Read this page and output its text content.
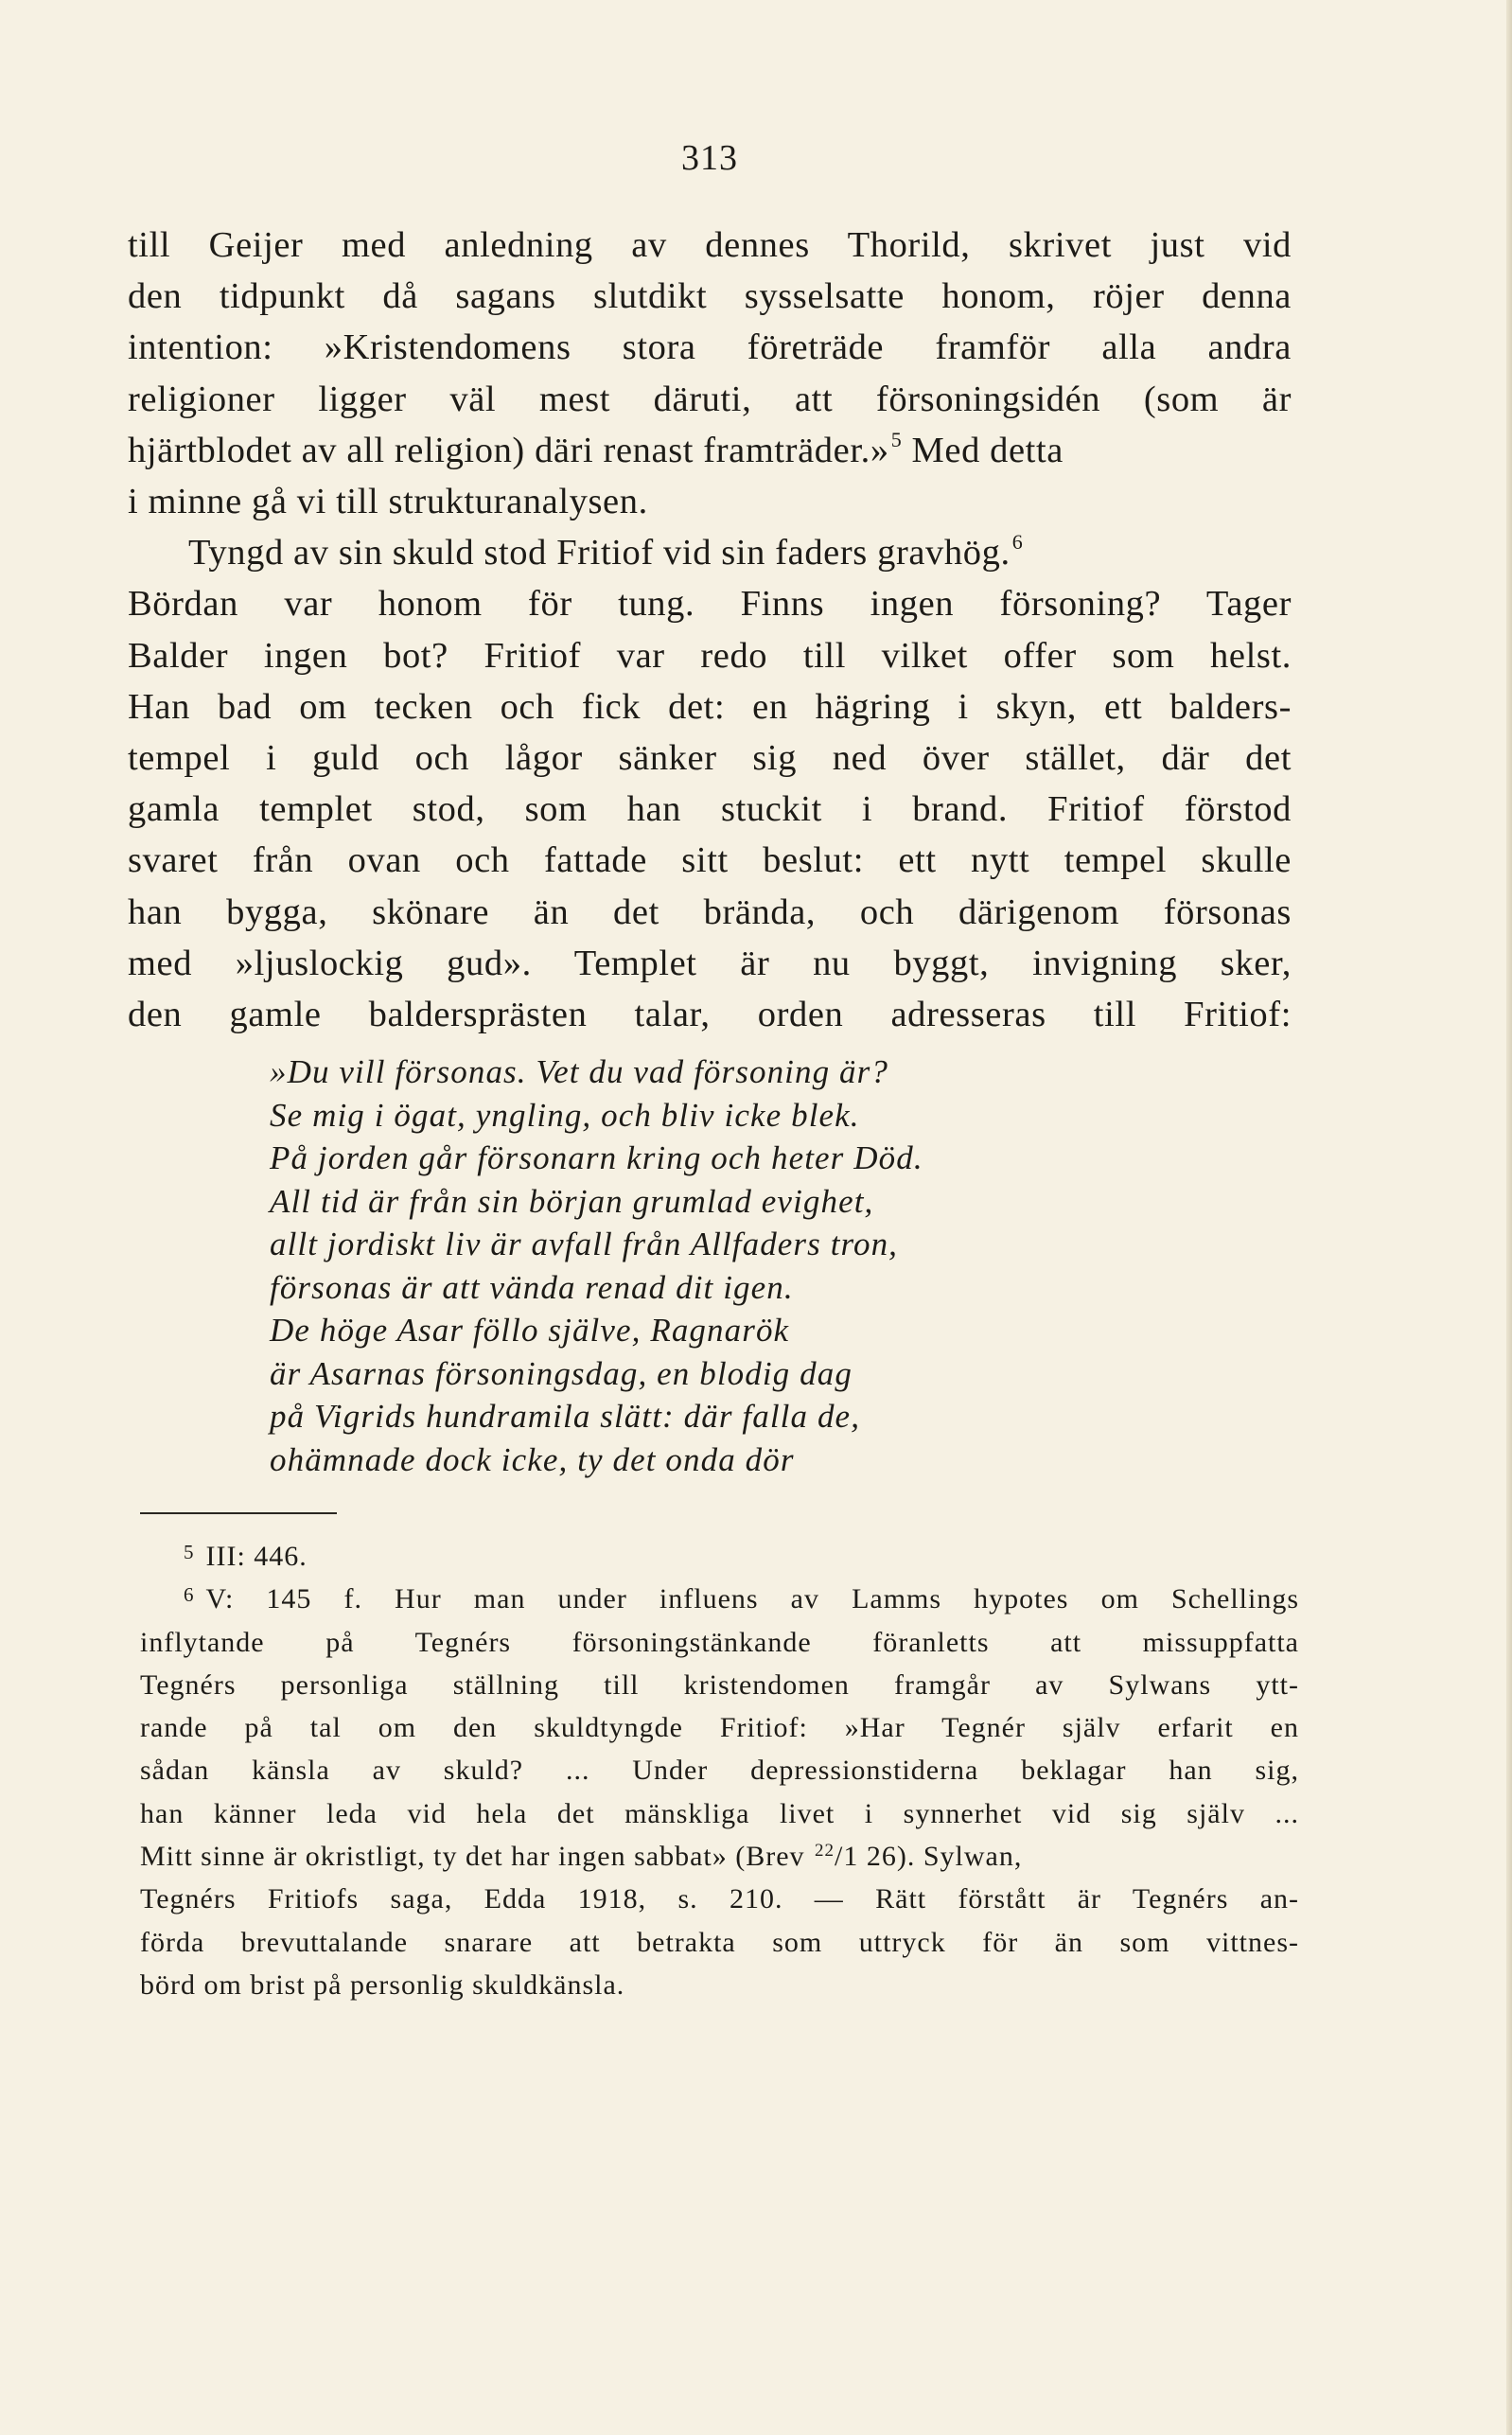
313
till Geijer med anledning av dennes Thorild, skrivet just vid
den tidpunkt då sagans slutdikt sysselsatte honom, röjer denna
intention: »Kristendomens stora företräde framför alla andra
religioner ligger väl mest däruti, att försoningsidén (som är
hjärtblodet av all religion) däri renast framträder.»$^5$ Med detta
i minne gå vi till strukturanalysen.
Tyngd av sin skuld stod Fritiof vid sin faders gravhög.$^6$
Bördan var honom för tung. Finns ingen försoning? Tager
Balder ingen bot? Fritiof var redo till vilket offer som helst.
Han bad om tecken och fick det: en hägring i skyn, ett balders-
tempel i guld och lågor sänker sig ned över stället, där det
gamla templet stod, som han stuckit i brand. Fritiof förstod
svaret från ovan och fattade sitt beslut: ett nytt tempel skulle
han bygga, skönare än det brända, och därigenom försonas
med »ljuslockig gud». Templet är nu byggt, invigning sker,
den gamle baldersprästen talar, orden adresseras till Fritiof:
»Du vill försonas. Vet du vad försoning är?
Se mig i ögat, yngling, och bliv icke blek.
På jorden går försonarn kring och heter Död.
All tid är från sin början grumlad evighet,
allt jordiskt liv är avfall från Allfaders tron,
försonas är att vända renad dit igen.
De höge Asar föllo själve, Ragnarök
är Asarnas försoningsdag, en blodig dag
på Vigrids hundramila slätt: där falla de,
ohämnade dock icke, ty det onda dör
$^5$ III: 446.
$^6$ V: 145 f. Hur man under influens av Lamms hypotes om Schellings
inflytande på Tegnérs försoningstänkande föranletts att missuppfatta
Tegnérs personliga ställning till kristendomen framgår av Sylwans ytt-
rande på tal om den skuldtyngde Fritiof: »Har Tegnér själv erfarit en
sådan känsla av skuld? ... Under depressionstiderna beklagar han sig,
han känner leda vid hela det mänskliga livet i synnerhet vid sig själv ...
Mitt sinne är okristligt, ty det har ingen sabbat» (Brev $^{22}$/1 26). Sylwan,
Tegnérs Fritiofs saga, Edda 1918, s. 210. — Rätt förstått är Tegnérs an-
förda brevuttalande snarare att betrakta som uttryck för än som vittnes-
börd om brist på personlig skuldkänsla.
